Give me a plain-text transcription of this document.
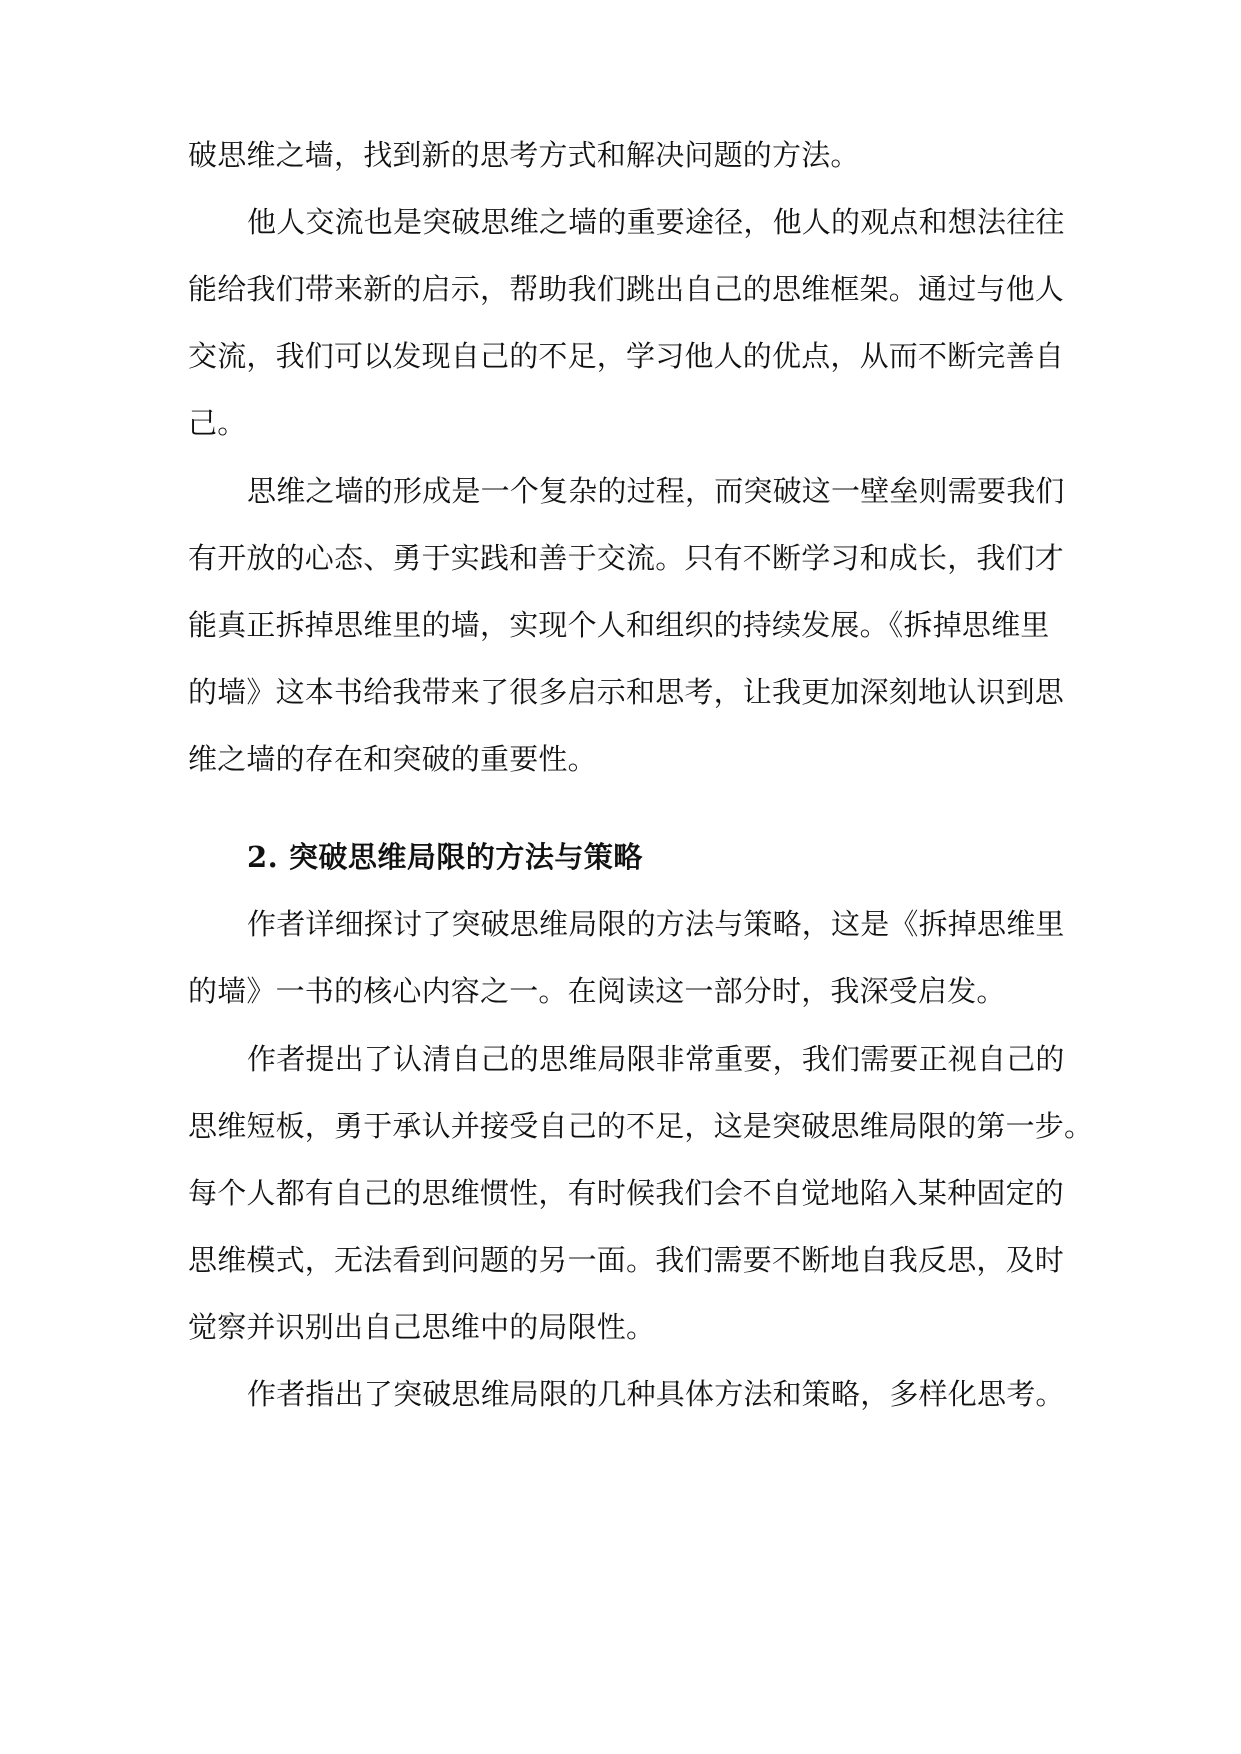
破思维之墙，找到新的思考方式和解决问题的方法。
他人交流也是突破思维之墙的重要途径，他人的观点和想法往往
能给我们带来新的启示，帮助我们跳出自己的思维框架。通过与他人
交流，我们可以发现自己的不足，学习他人的优点，从而不断完善自
己。
思维之墙的形成是一个复杂的过程，而突破这一壁垒则需要我们
有开放的心态、勇于实践和善于交流。只有不断学习和成长，我们才
能真正拆掉思维里的墙，实现个人和组织的持续发展。《拆掉思维里
的墙》这本书给我带来了很多启示和思考，让我更加深刻地认识到思
维之墙的存在和突破的重要性。
2. 突破思维局限的方法与策略
作者详细探讨了突破思维局限的方法与策略，这是《拆掉思维里
的墙》一书的核心内容之一。在阅读这一部分时，我深受启发。
作者提出了认清自己的思维局限非常重要，我们需要正视自己的
思维短板，勇于承认并接受自己的不足，这是突破思维局限的第一步。
每个人都有自己的思维惯性，有时候我们会不自觉地陷入某种固定的
思维模式，无法看到问题的另一面。我们需要不断地自我反思，及时
觉察并识别出自己思维中的局限性。
作者指出了突破思维局限的几种具体方法和策略，多样化思考。
